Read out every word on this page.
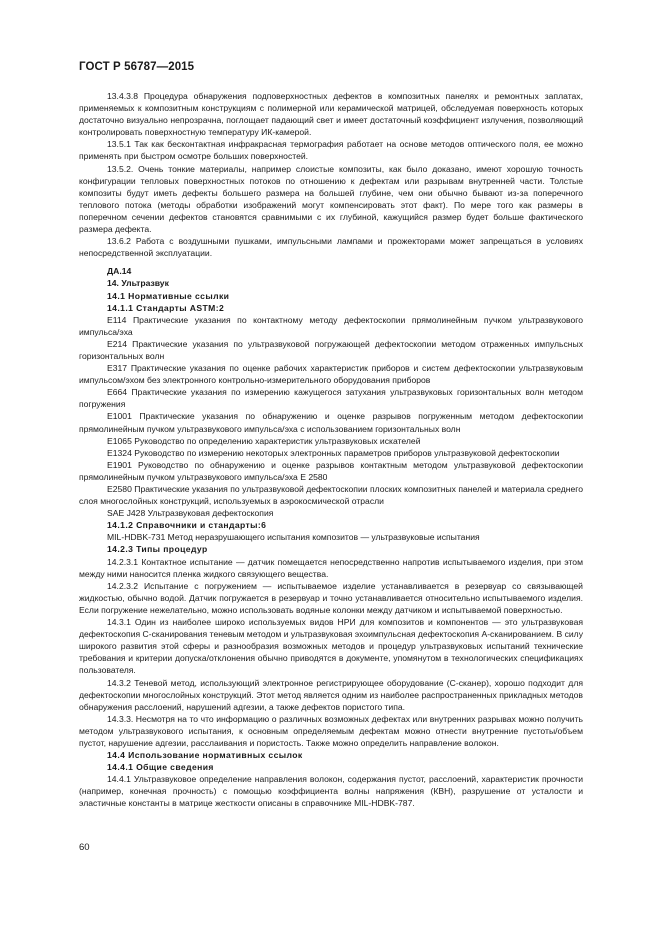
ГОСТ Р 56787—2015

13.4.3.8 Процедура обнаружения подповерхностных дефектов в композитных панелях и ремонтных заплатах, применяемых к композитным конструкциям с полимерной или керамической матрицей, обследуемая поверхность которых достаточно визуально непрозрачна, поглощает падающий свет и имеет достаточный коэффициент излучения, позволяющий контролировать поверхностную температуру ИК-камерой.

13.5.1 Так как бесконтактная инфракрасная термография работает на основе методов оптического поля, ее можно применять при быстром осмотре больших поверхностей.

13.5.2. Очень тонкие материалы, например слоистые композиты, как было доказано, имеют хорошую точность конфигурации тепловых поверхностных потоков по отношению к дефектам или разрывам внутренней части. Толстые композиты будут иметь дефекты большего размера на большей глубине, чем они обычно бывают из-за поперечного теплового потока (методы обработки изображений могут компенсировать этот факт). По мере того как размеры в поперечном сечении дефектов становятся сравнимыми с их глубиной, кажущийся размер будет больше фактического размера дефекта.

13.6.2 Работа с воздушными пушками, импульсными лампами и прожекторами может запрещаться в условиях непосредственной эксплуатации.

ДА.14

14. Ультразвук

14.1 Нормативные ссылки

14.1.1 Стандарты ASTM:2

E114 Практические указания по контактному методу дефектоскопии прямолинейным пучком ультразвукового импульса/эха

E214 Практические указания по ультразвуковой погружающей дефектоскопии методом отраженных импульсных горизонтальных волн

E317 Практические указания по оценке рабочих характеристик приборов и систем дефектоскопии ультразвуковым импульсом/эхом без электронного контрольно-измерительного оборудования приборов

E664 Практические указания по измерению кажущегося затухания ультразвуковых горизонтальных волн методом погружения

E1001 Практические указания по обнаружению и оценке разрывов погруженным методом дефектоскопии прямолинейным пучком ультразвукового импульса/эха с использованием горизонтальных волн

E1065 Руководство по определению характеристик ультразвуковых искателей

E1324 Руководство по измерению некоторых электронных параметров приборов ультразвуковой дефектоскопии

E1901 Руководство по обнаружению и оценке разрывов контактным методом ультразвуковой дефектоскопии прямолинейным пучком ультразвукового импульса/эха E 2580

E2580 Практические указания по ультразвуковой дефектоскопии плоских композитных панелей и материала среднего слоя многослойных конструкций, используемых в аэрокосмической отрасли

SAE J428 Ультразвуковая дефектоскопия

14.1.2 Справочники и стандарты:6

MIL-HDBK-731 Метод неразрушающего испытания композитов — ультразвуковые испытания

14.2.3 Типы процедур

14.2.3.1 Контактное испытание — датчик помещается непосредственно напротив испытываемого изделия, при этом между ними наносится пленка жидкого связующего вещества.

14.2.3.2 Испытание с погружением — испытываемое изделие устанавливается в резервуар со связывающей жидкостью, обычно водой. Датчик погружается в резервуар и точно устанавливается относительно испытываемого изделия. Если погружение нежелательно, можно использовать водяные колонки между датчиком и испытываемой поверхностью.

14.3.1 Один из наиболее широко используемых видов НРИ для композитов и компонентов — это ультразвуковая дефектоскопия С-сканирования теневым методом и ультразвуковая эхоимпульсная дефектоскопия А-сканированием. В силу широкого развития этой сферы и разнообразия возможных методов и процедур ультразвуковых испытаний технические требования и критерии допуска/отклонения обычно приводятся в документе, упомянутом в технологических спецификациях пользователя.

14.3.2 Теневой метод, использующий электронное регистрирующее оборудование (С-сканер), хорошо подходит для дефектоскопии многослойных конструкций. Этот метод является одним из наиболее распространенных прикладных методов обнаружения расслоений, нарушений адгезии, а также дефектов пористого типа.

14.3.3. Несмотря на то что информацию о различных возможных дефектах или внутренних разрывах можно получить методом ультразвукового испытания, к основным определяемым дефектам можно отнести внутренние пустоты/объем пустот, нарушение адгезии, расслаивания и пористость. Также можно определить направление волокон.

14.4 Использование нормативных ссылок

14.4.1 Общие сведения

14.4.1 Ультразвуковое определение направления волокон, содержания пустот, расслоений, характеристик прочности (например, конечная прочность) с помощью коэффициента волны напряжения (КВН), разрушение от усталости и эластичные константы в матрице жесткости описаны в справочнике MIL-HDBK-787.

60
